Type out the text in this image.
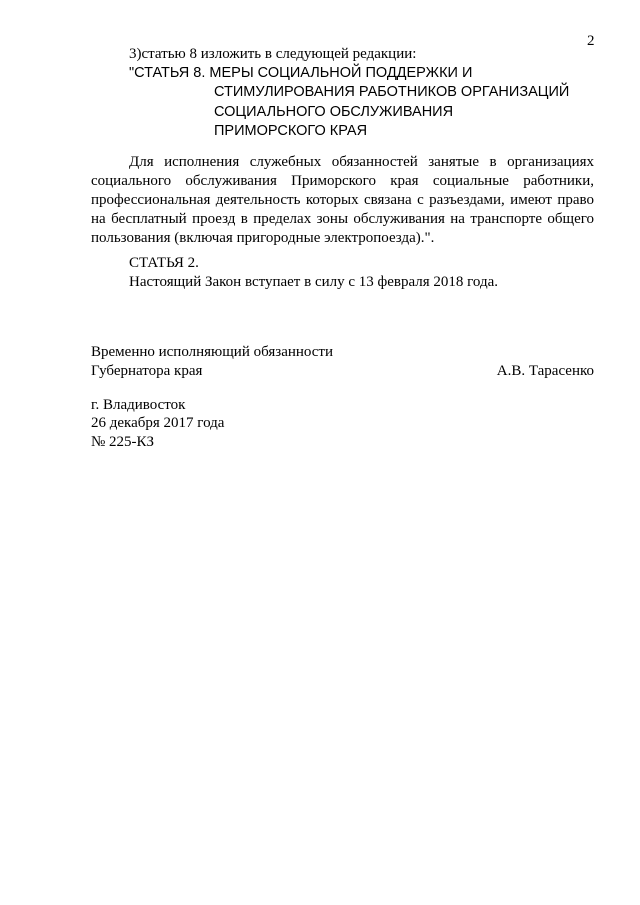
2
3)статью 8 изложить в следующей редакции:
"СТАТЬЯ 8. МЕРЫ СОЦИАЛЬНОЙ ПОДДЕРЖКИ И
СТИМУЛИРОВАНИЯ РАБОТНИКОВ ОРГАНИЗАЦИЙ
СОЦИАЛЬНОГО ОБСЛУЖИВАНИЯ
ПРИМОРСКОГО КРАЯ

Для исполнения служебных обязанностей занятые в организациях социального обслуживания Приморского края социальные работники, профессиональная деятельность которых связана с разъездами, имеют право на бесплатный проезд в пределах зоны обслуживания на транспорте общего пользования (включая пригородные электропоезда).".

СТАТЬЯ 2.
Настоящий Закон вступает в силу с 13 февраля 2018 года.
Временно исполняющий обязанности
Губернатора края	А.В. Тарасенко
г. Владивосток
26 декабря 2017 года
№ 225-КЗ
